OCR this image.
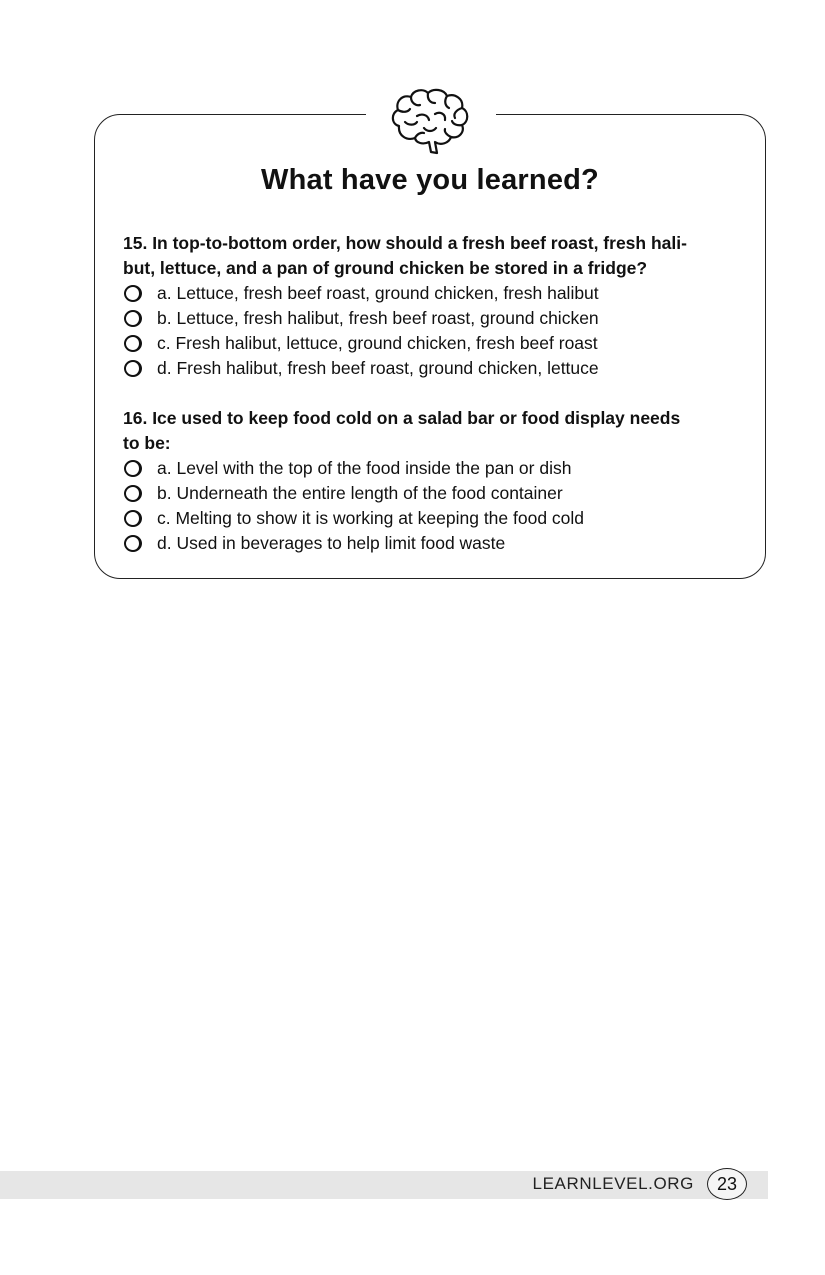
What have you learned?

15. In top-to-bottom order, how should a fresh beef roast, fresh hali-
but, lettuce, and a pan of ground chicken be stored in a fridge?

a. Lettuce, fresh beef roast, ground chicken, fresh halibut
b. Lettuce, fresh halibut, fresh beef roast, ground chicken
c. Fresh halibut, lettuce, ground chicken, fresh beef roast
d. Fresh halibut, fresh beef roast, ground chicken, lettuce

16. Ice used to keep food cold on a salad bar or food display needs
to be:

a. Level with the top of the food inside the pan or dish
b. Underneath the entire length of the food container
c. Melting to show it is working at keeping the food cold
d. Used in beverages to help limit food waste
LEARNLEVEL.ORG	23
